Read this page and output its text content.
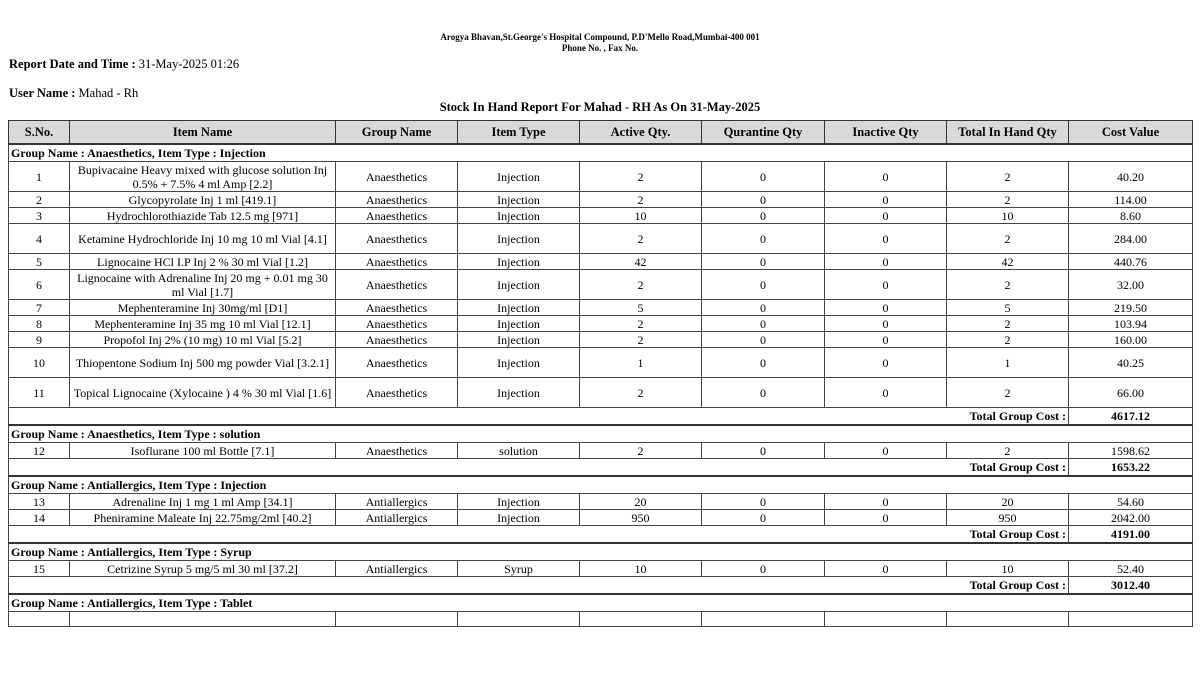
Arogya Bhavan,St.George's Hospital Compound, P.D'Mello Road,Mumbai-400 001
Phone No. , Fax No.
Report Date and Time : 31-May-2025 01:26
User Name : Mahad - Rh
Stock In Hand Report For Mahad - RH As On 31-May-2025
S.No.	Item Name	Group Name	Item Type	Active Qty.	Qurantine Qty	Inactive Qty	Total In Hand Qty	Cost Value
Group Name : Anaesthetics, Item Type : Injection								
1	Bupivacaine Heavy mixed with glucose solution Inj 0.5% + 7.5% 4 ml Amp [2.2]	Anaesthetics	Injection	2	0	0	2	40.20
2	Glycopyrolate Inj 1 ml [419.1]	Anaesthetics	Injection	2	0	0	2	114.00
3	Hydrochlorothiazide Tab 12.5 mg [971]	Anaesthetics	Injection	10	0	0	10	8.60
4	Ketamine Hydrochloride Inj 10 mg 10 ml Vial [4.1]	Anaesthetics	Injection	2	0	0	2	284.00
5	Lignocaine HCl I.P Inj 2 % 30 ml Vial [1.2]	Anaesthetics	Injection	42	0	0	42	440.76
6	Lignocaine with Adrenaline Inj 20 mg + 0.01 mg 30 ml Vial [1.7]	Anaesthetics	Injection	2	0	0	2	32.00
7	Mephenteramine Inj 30mg/ml [D1]	Anaesthetics	Injection	5	0	0	5	219.50
8	Mephenteramine Inj 35 mg 10 ml Vial [12.1]	Anaesthetics	Injection	2	0	0	2	103.94
9	Propofol Inj 2% (10 mg) 10 ml Vial [5.2]	Anaesthetics	Injection	2	0	0	2	160.00
10	Thiopentone Sodium Inj 500 mg powder Vial [3.2.1]	Anaesthetics	Injection	1	0	0	1	40.25
11	Topical Lignocaine (Xylocaine ) 4 % 30 ml Vial [1.6]	Anaesthetics	Injection	2	0	0	2	66.00
Total Group Cost :								4617.12
Group Name : Anaesthetics, Item Type : solution								
12	Isoflurane 100 ml Bottle [7.1]	Anaesthetics	solution	2	0	0	2	1598.62
Total Group Cost :								1653.22
Group Name : Antiallergics, Item Type : Injection								
13	Adrenaline Inj 1 mg 1 ml Amp [34.1]	Antiallergics	Injection	20	0	0	20	54.60
14	Pheniramine Maleate Inj 22.75mg/2ml [40.2]	Antiallergics	Injection	950	0	0	950	2042.00
Total Group Cost :								4191.00
Group Name : Antiallergics, Item Type : Syrup								
15	Cetrizine Syrup 5 mg/5 ml 30 ml [37.2]	Antiallergics	Syrup	10	0	0	10	52.40
Total Group Cost :								3012.40
Group Name : Antiallergics, Item Type : Tablet								
